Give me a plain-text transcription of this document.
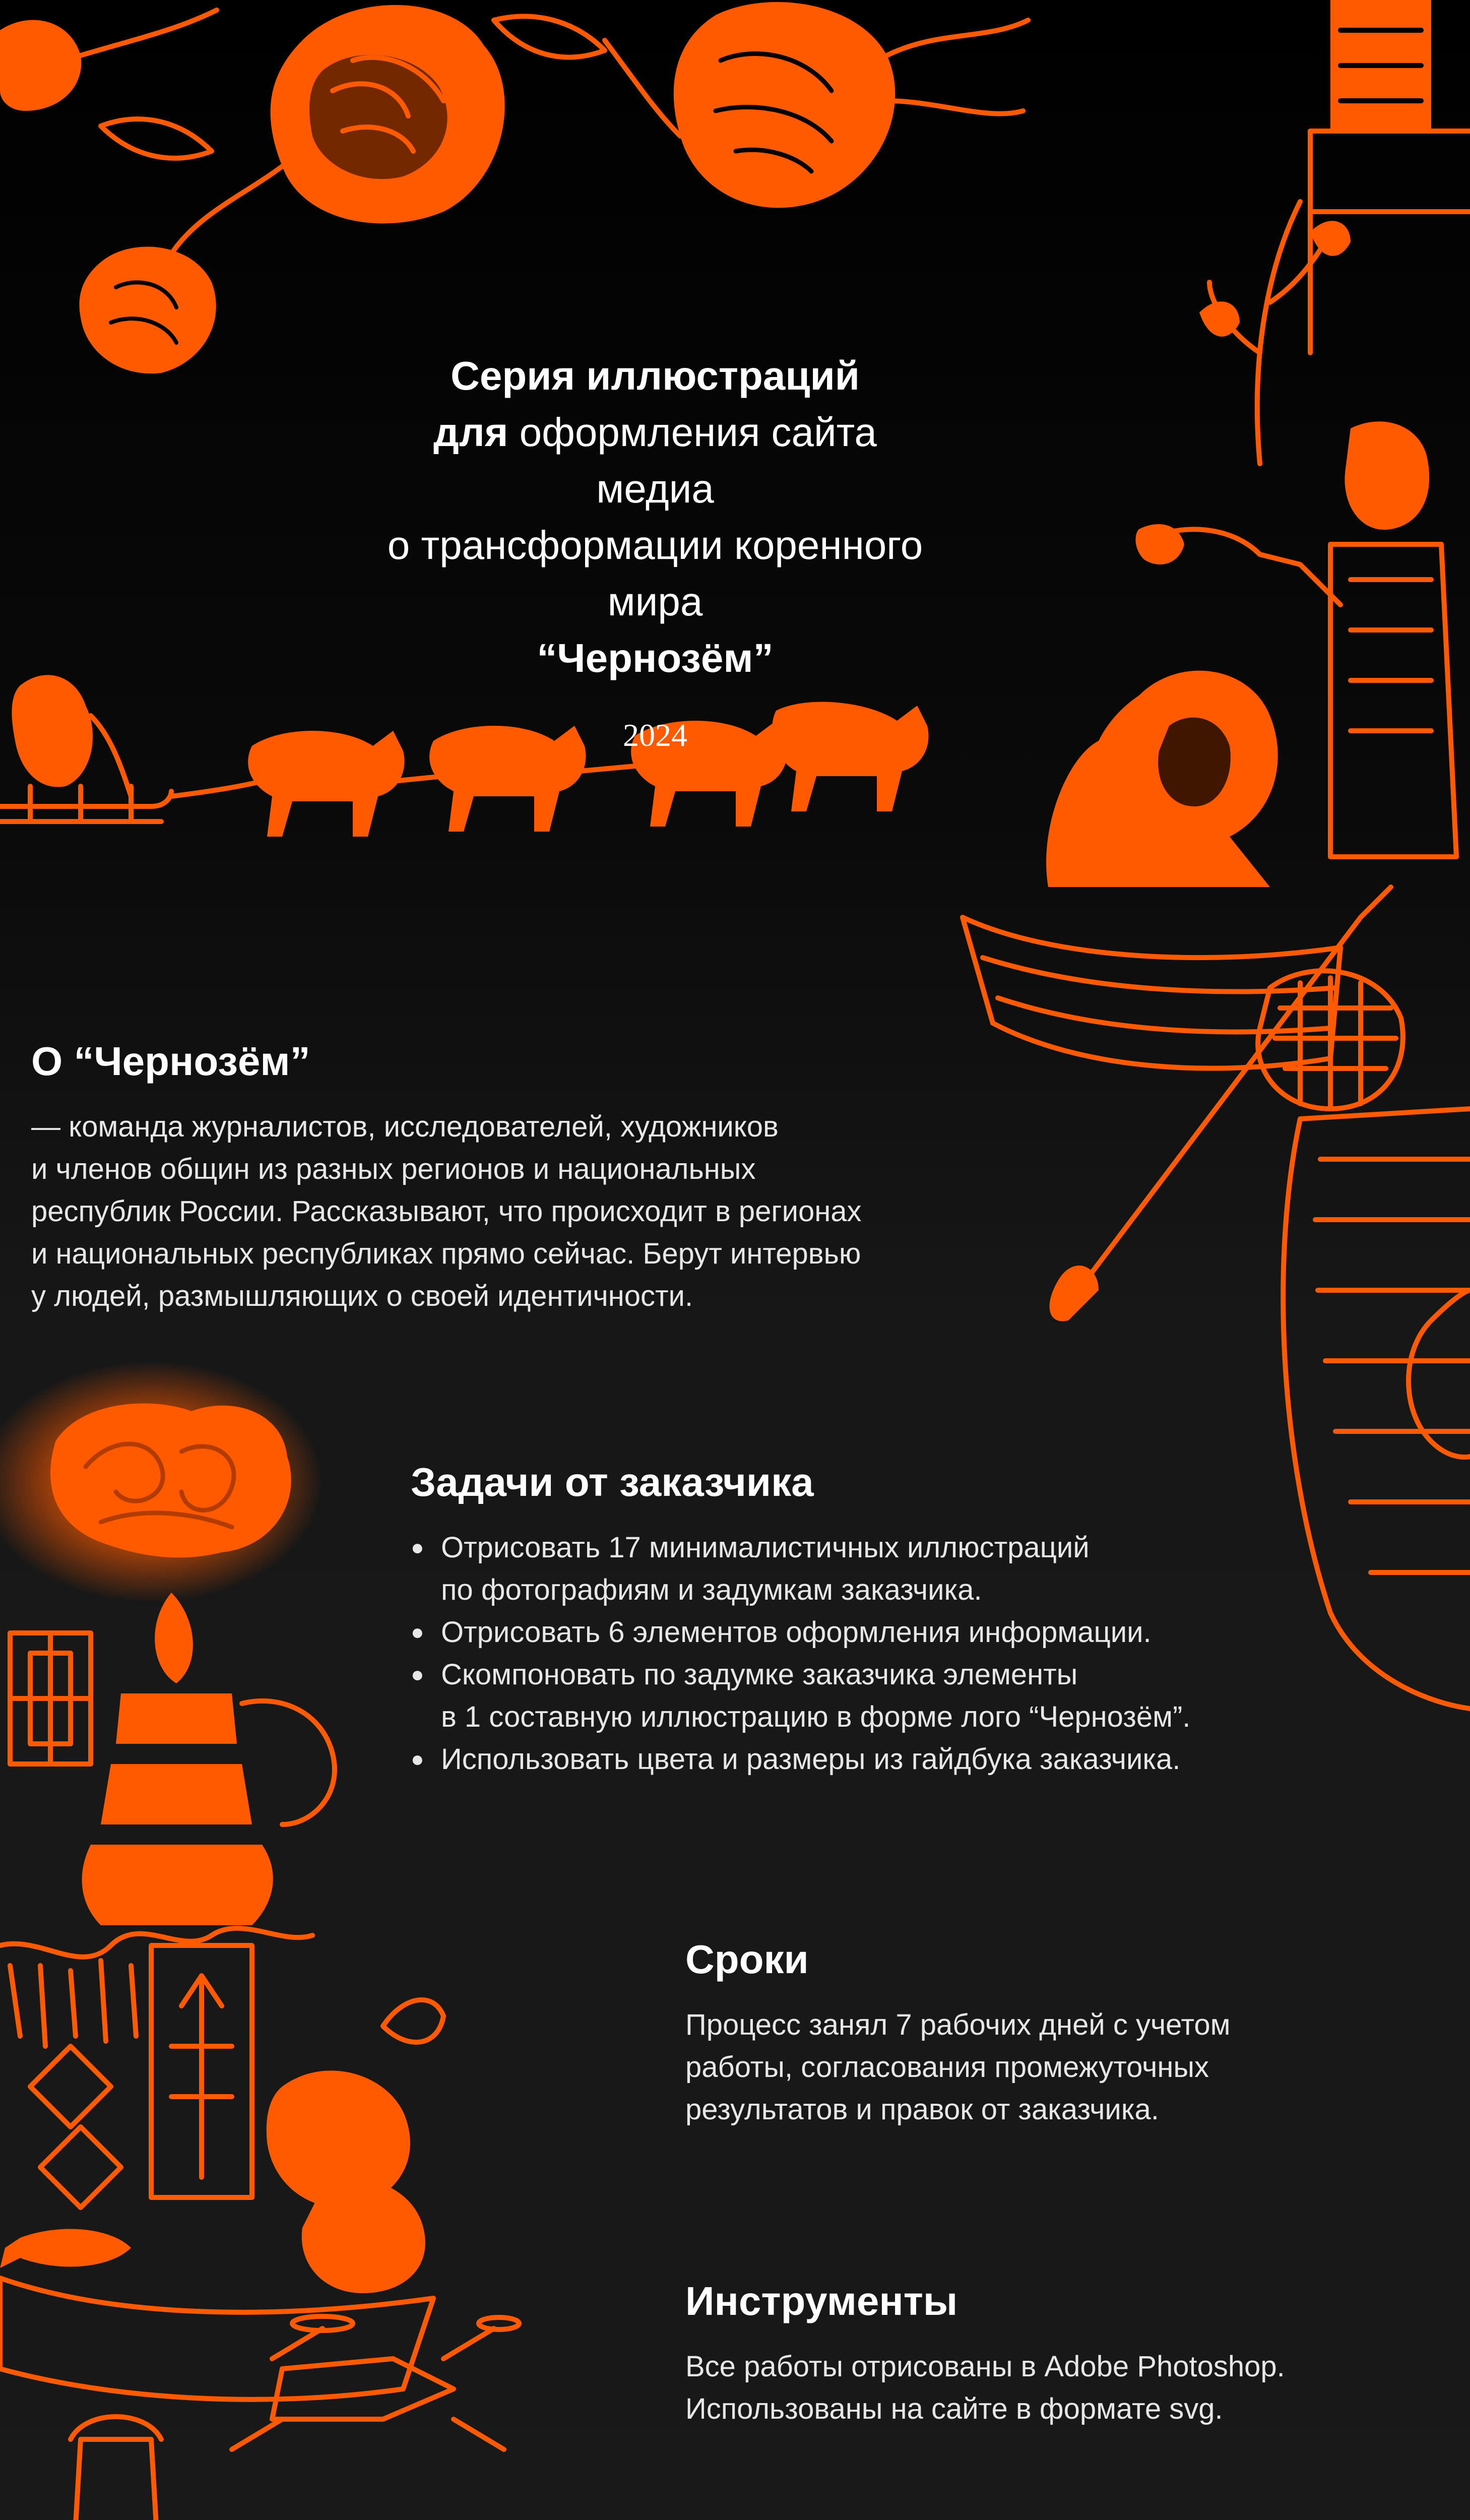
Серия иллюстраций
для оформления сайта медиа
о трансформации коренного мира
“Чернозём”
2024
О “Чернозём”

— команда журналистов, исследователей, художников
и членов общин из разных регионов и национальных
республик России. Рассказывают, что происходит в регионах
и национальных республиках прямо сейчас. Берут интервью
у людей, размышляющих о своей идентичности.

Задачи от заказчика
● Отрисовать 17 минималистичных иллюстраций
по фотографиям и задумкам заказчика.
● Отрисовать 6 элементов оформления информации.
● Скомпоновать по задумке заказчика элементы
в 1 составную иллюстрацию в форме лого “Чернозём”.
● Использовать цвета и размеры из гайдбука заказчика.
Сроки

Процесс занял 7 рабочих дней с учетом
работы, согласования промежуточных
результатов и правок от заказчика.

Инструменты

Все работы отрисованы в Adobe Photoshop.
Использованы на сайте в формате svg.
